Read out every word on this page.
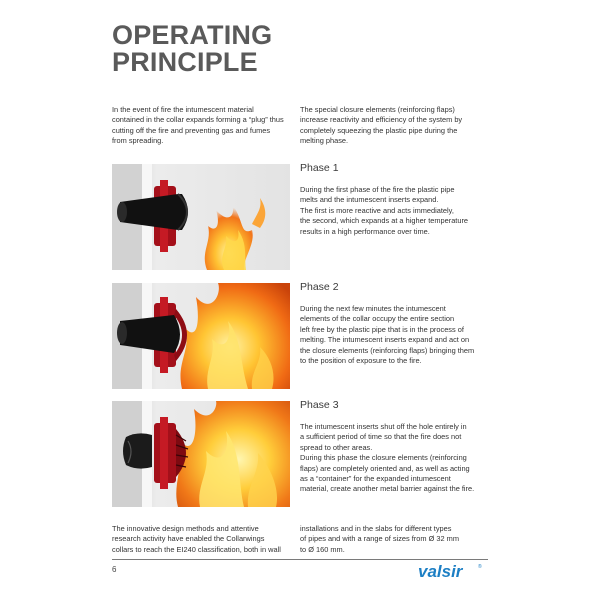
OPERATING
PRINCIPLE

In the event of fire the intumescent material
contained in the collar expands forming a “plug” thus
cutting off the fire and preventing gas and fumes
from spreading.

The special closure elements (reinforcing flaps)
increase reactivity and efficiency of the system by
completely squeezing the plastic pipe during the
melting phase.

Phase 1

During the first phase of the fire the plastic pipe
melts and the intumescent inserts expand.
The first is more reactive and acts immediately,
the second, which expands at a higher temperature
results in a high performance over time.

Phase 2

During the next few minutes the intumescent
elements of the collar occupy the entire section
left free by the plastic pipe that is in the process of
melting. The intumescent inserts expand and act on
the closure elements (reinforcing flaps) bringing them
to the position of exposure to the fire.

Phase 3

The intumescent inserts shut off the hole entirely in
a sufficient period of time so that the fire does not
spread to other areas.
During this phase the closure elements (reinforcing
flaps) are completely oriented and, as well as acting
as a “container” for the expanded intumescent
material, create another metal barrier against the fire.

The innovative design methods and attentive
research activity have enabled the Collarwings
collars to reach the EI240 classification, both in wall

installations and in the slabs for different types
of pipes and with a range of sizes from Ø 32 mm
to Ø 160 mm.

6	valsir	®
